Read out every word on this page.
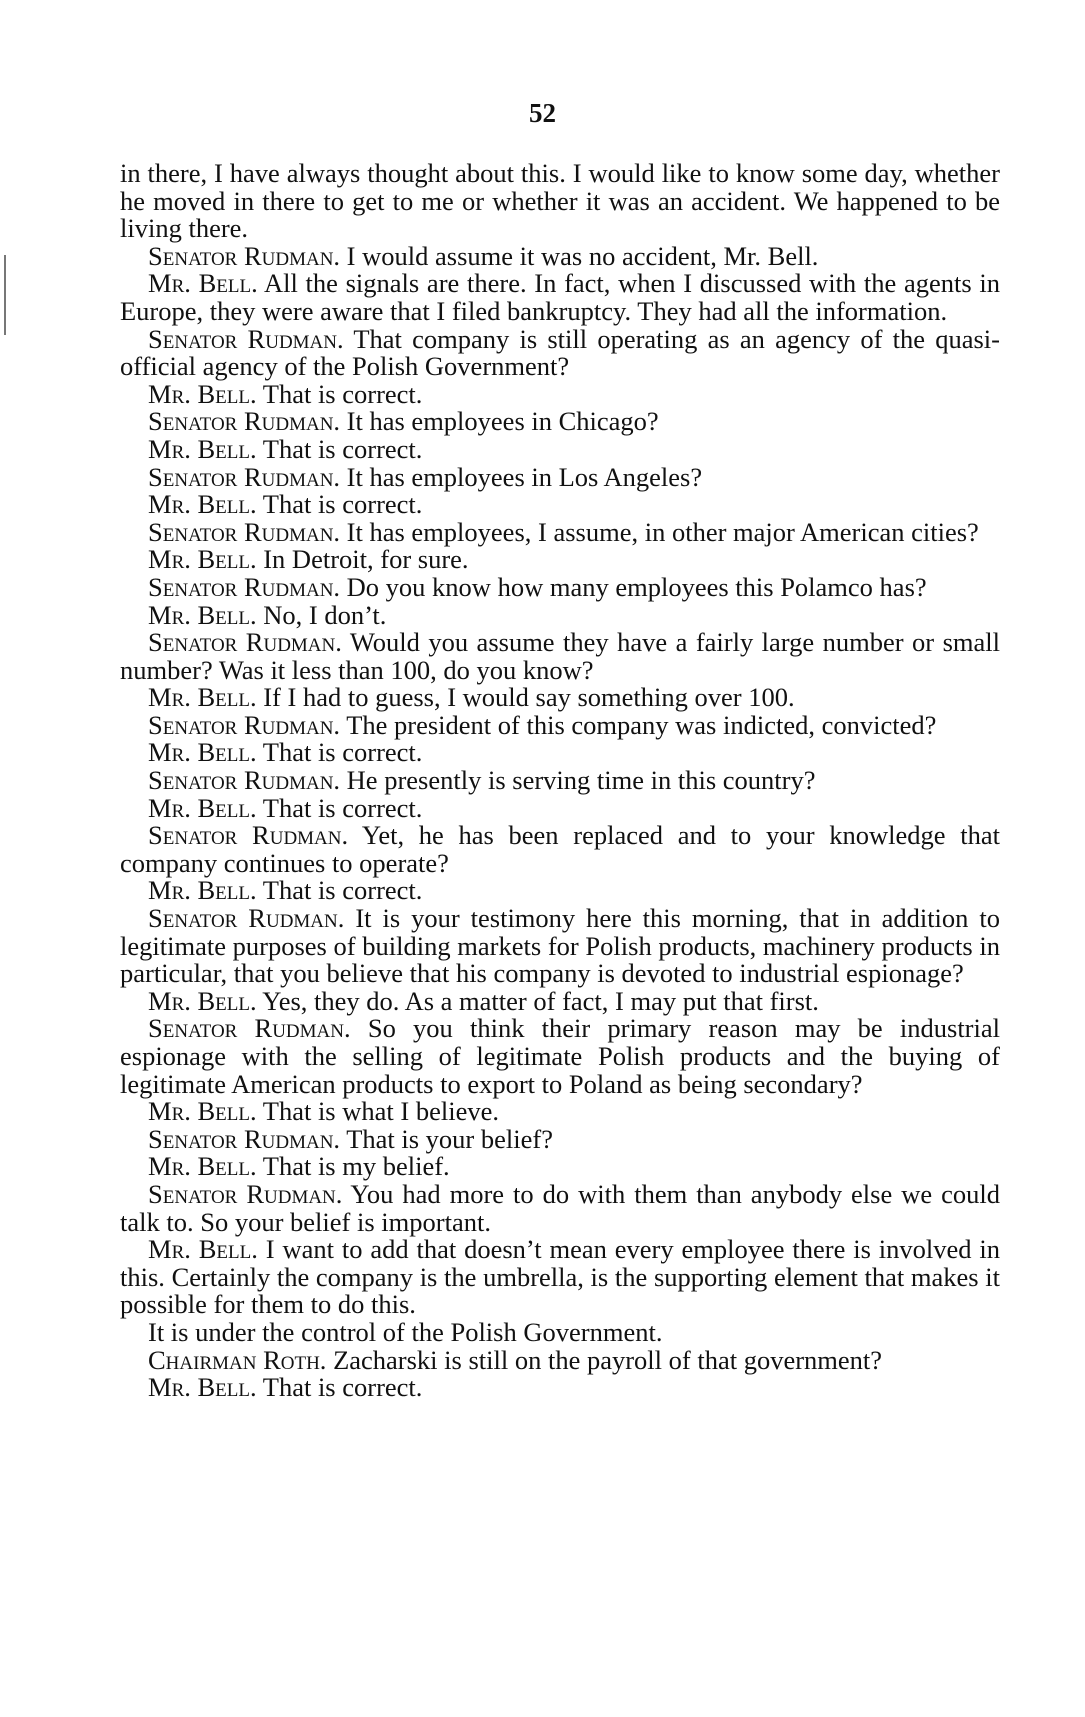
52

in there, I have always thought about this. I would like to know some day, whether he moved in there to get to me or whether it was an accident. We happened to be living there.

Senator Rudman. I would assume it was no accident, Mr. Bell.

Mr. Bell. All the signals are there. In fact, when I discussed with the agents in Europe, they were aware that I filed bankruptcy. They had all the information.

Senator Rudman. That company is still operating as an agency of the quasi-official agency of the Polish Government?

Mr. Bell. That is correct.

Senator Rudman. It has employees in Chicago?

Mr. Bell. That is correct.

Senator Rudman. It has employees in Los Angeles?

Mr. Bell. That is correct.

Senator Rudman. It has employees, I assume, in other major American cities?

Mr. Bell. In Detroit, for sure.

Senator Rudman. Do you know how many employees this Polamco has?

Mr. Bell. No, I don’t.

Senator Rudman. Would you assume they have a fairly large number or small number? Was it less than 100, do you know?

Mr. Bell. If I had to guess, I would say something over 100.

Senator Rudman. The president of this company was indicted, convicted?

Mr. Bell. That is correct.

Senator Rudman. He presently is serving time in this country?

Mr. Bell. That is correct.

Senator Rudman. Yet, he has been replaced and to your knowledge that company continues to operate?

Mr. Bell. That is correct.

Senator Rudman. It is your testimony here this morning, that in addition to legitimate purposes of building markets for Polish products, machinery products in particular, that you believe that his company is devoted to industrial espionage?

Mr. Bell. Yes, they do. As a matter of fact, I may put that first.

Senator Rudman. So you think their primary reason may be industrial espionage with the selling of legitimate Polish products and the buying of legitimate American products to export to Poland as being secondary?

Mr. Bell. That is what I believe.

Senator Rudman. That is your belief?

Mr. Bell. That is my belief.

Senator Rudman. You had more to do with them than anybody else we could talk to. So your belief is important.

Mr. Bell. I want to add that doesn’t mean every employee there is involved in this. Certainly the company is the umbrella, is the supporting element that makes it possible for them to do this.

It is under the control of the Polish Government.

Chairman Roth. Zacharski is still on the payroll of that government?

Mr. Bell. That is correct.
